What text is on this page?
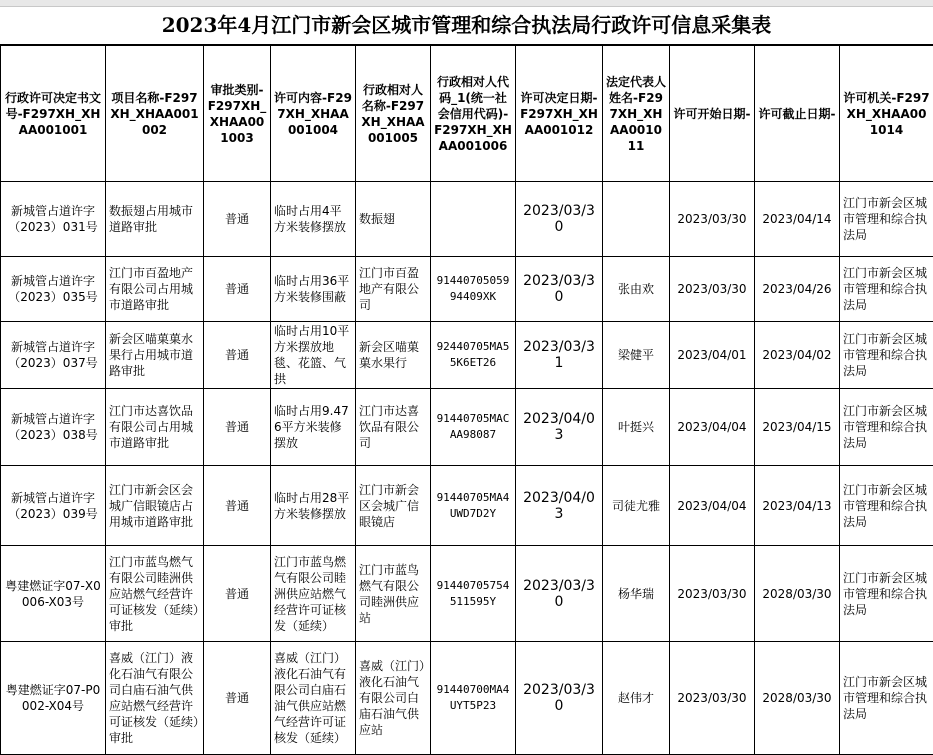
2023年4月江门市新会区城市管理和综合执法局行政许可信息采集表
行政许可决定书文号-F297XH_XHAA001001	项目名称-F297XH_XHAA001002	审批类别-F297XH_XHAA001003	许可内容-F297XH_XHAA001004	行政相对人名称-F297XH_XHAA001005	行政相对人代码_1(统一社会信用代码)-F297XH_XHAA001006	许可决定日期-F297XH_XHAA001012	法定代表人姓名-F297XH_XHAA001011	许可开始日期-	许可截止日期-	许可机关-F297XH_XHAA001014
新城管占道许字（2023）031号	数振翅占用城市道路审批	普通	临时占用4平方米装修摆放	数振翅		2023/03/30		2023/03/30	2023/04/14	江门市新会区城市管理和综合执法局
新城管占道许字（2023）035号	江门市百盈地产有限公司占用城市道路审批	普通	临时占用36平方米装修围蔽	江门市百盈地产有限公司	9144070505994409XK	2023/03/30	张由欢	2023/03/30	2023/04/26	江门市新会区城市管理和综合执法局
新城管占道许字（2023）037号	新会区喵菓菓水果行占用城市道路审批	普通	临时占用10平方米摆放地毯、花篮、气拱	新会区喵菓菓水果行	92440705MA55K6ET26	2023/03/31	梁健平	2023/04/01	2023/04/02	江门市新会区城市管理和综合执法局
新城管占道许字（2023）038号	江门市达喜饮品有限公司占用城市道路审批	普通	临时占用9.476平方米装修摆放	江门市达喜饮品有限公司	91440705MACAA98087	2023/04/03	叶挺兴	2023/04/04	2023/04/15	江门市新会区城市管理和综合执法局
新城管占道许字（2023）039号	江门市新会区会城广信眼镜店占用城市道路审批	普通	临时占用28平方米装修摆放	江门市新会区会城广信眼镜店	91440705MA4UWD7D2Y	2023/04/03	司徒尤雅	2023/04/04	2023/04/13	江门市新会区城市管理和综合执法局
粤建燃证字07-X0006-X03号	江门市蓝鸟燃气有限公司睦洲供应站燃气经营许可证核发（延续）审批	普通	江门市蓝鸟燃气有限公司睦洲供应站燃气经营许可证核发（延续）	江门市蓝鸟燃气有限公司睦洲供应站	91440705754511595Y	2023/03/30	杨华瑞	2023/03/30	2028/03/30	江门市新会区城市管理和综合执法局
粤建燃证字07-P0002-X04号	喜威（江门）液化石油气有限公司白庙石油气供应站燃气经营许可证核发（延续）审批	普通	喜威（江门）液化石油气有限公司白庙石油气供应站燃气经营许可证核发（延续）	喜威（江门）液化石油气有限公司白庙石油气供应站	91440700MA4UYT5P23	2023/03/30	赵伟才	2023/03/30	2028/03/30	江门市新会区城市管理和综合执法局
